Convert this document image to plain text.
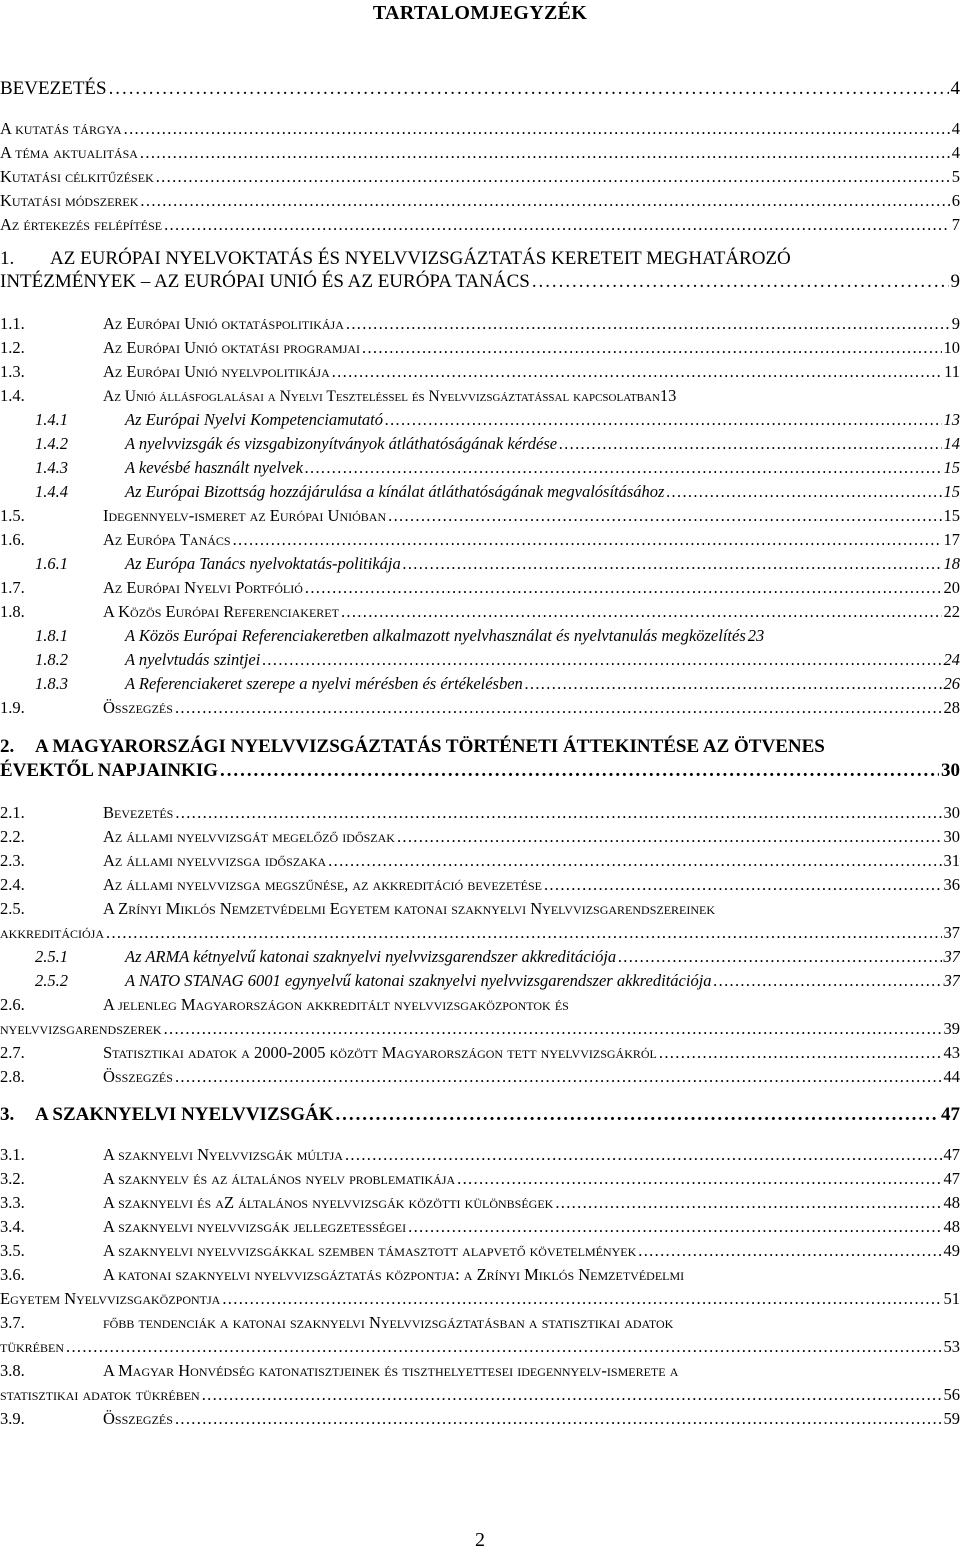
TARTALOMJEGYZÉK
BEVEZETÉS . . .	4
A kutatás tárgya . . .	4
A téma aktualitása . . .	4
Kutatási célkitűzések . . .	5
Kutatási módszerek . . .	6
Az értekezés felépítése . . .	7
1. AZ EURÓPAI NYELVOKTATÁS ÉS NYELVVIZSGÁZTATÁS KERETEIT MEGHATÁROZÓ
INTÉZMÉNYEK – AZ EURÓPAI UNIÓ ÉS AZ EURÓPA TANÁCS . . .	9
1.1.	Az Európai Unió oktatáspolitikája . . .	9
1.2.	Az Európai Unió oktatási programjai . . .	10
1.3.	Az Európai Unió nyelvpolitikája . . .	11
1.4.	Az Unió állásfoglalásai a Nyelvi Teszteléssel és Nyelvvizsgáztatással kapcsolatban 13
1.4.1	Az Európai Nyelvi Kompetenciamutató . . .	13
1.4.2	A nyelvvizsgák és vizsgabizonyítványok átláthatóságának kérdése . . .	14
1.4.3	A kevésbé használt nyelvek . . .	15
1.4.4	Az Európai Bizottság hozzájárulása a kínálat átláthatóságának megvalósításához . . .	15
1.5.	Idegennyelv-ismeret az Európai Unióban . . .	15
1.6.	Az Európa Tanács . . .	17
1.6.1	Az Európa Tanács nyelvoktatás-politikája . . .	18
1.7.	Az Európai Nyelvi Portfólió . . .	20
1.8.	A Közös Európai Referenciakeret . . .	22
1.8.1	A Közös Európai Referenciakeretben alkalmazott nyelvhasználat és nyelvtanulás megközelítés 23
1.8.2	A nyelvtudás szintjei . . .	24
1.8.3	A Referenciakeret szerepe a nyelvi mérésben és értékelésben . . .	26
1.9.	Összegzés . . .	28
2. A MAGYARORSZÁGI NYELVVIZSGÁZTATÁS TÖRTÉNETI ÁTTEKINTÉSE AZ ÖTVENES
ÉVEKTŐL NAPJAINKIG . . .	30
2.1.	Bevezetés . . .	30
2.2.	Az állami nyelvvizsgát megelőző időszak . . .	30
2.3.	Az állami nyelvvizsga időszaka . . .	31
2.4.	Az állami nyelvvizsga megszűnése, az akkreditáció bevezetése . . .	36
2.5.	A Zrínyi Miklós Nemzetvédelmi Egyetem katonai szaknyelvi Nyelvvizsgarendszereinek
akkreditációja . . .	37
2.5.1	Az ARMA kétnyelvű katonai szaknyelvi nyelvvizsgarendszer akkreditációja . . .	37
2.5.2	A NATO STANAG 6001 egynyelvű katonai szaknyelvi nyelvvizsgarendszer akkreditációja . . .	37
2.6.	A jelenleg Magyarországon akkreditált nyelvvizsgaközpontok és
nyelvvizsgarendszerek . . .	39
2.7.	Statisztikai adatok a 2000-2005 között Magyarországon tett nyelvvizsgákról . . .	43
2.8.	Összegzés . . .	44
3.	A SZAKNYELVI NYELVVIZSGÁK . . .	47
3.1.	A szaknyelvi Nyelvvizsgák múltja . . .	47
3.2.	A szaknyelv és az általános nyelv problematikája . . .	47
3.3.	A szaknyelvi és aZ általános nyelvvizsgák közötti különbségek . . .	48
3.4.	A szaknyelvi nyelvvizsgák jellegzetességei . . .	48
3.5.	A szaknyelvi nyelvvizsgákkal szemben támasztott alapvető követelmények . . .	49
3.6.	A katonai szaknyelvi nyelvvizsgáztatás központja: a Zrínyi Miklós Nemzetvédelmi
Egyetem Nyelvvizsgaközpontja . . .	51
3.7.	főbb tendenciák a katonai szaknyelvi Nyelvvizsgáztatásban a statisztikai adatok
tükrében . . .	53
3.8.	A Magyar Honvédség katonatisztjeinek és tiszthelyettesei idegennyelv-ismerete a
statisztikai adatok tükrében . . .	56
3.9.	Összegzés . . .	59
2
